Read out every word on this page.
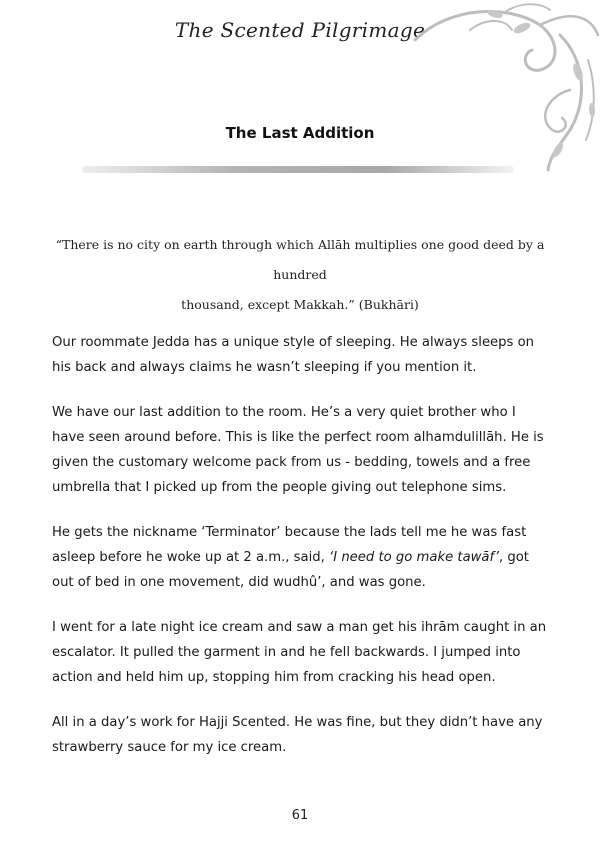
The Scented Pilgrimage
The Last Addition
“There is no city on earth through which Allāh multiplies one good deed by a hundred
thousand, except Makkah.” (Bukhāri)

Our roommate Jedda has a unique style of sleeping. He always sleeps on his back and always claims he wasn’t sleeping if you mention it.

We have our last addition to the room. He’s a very quiet brother who I have seen around before. This is like the perfect room alhamdulillāh. He is given the customary welcome pack from us - bedding, towels and a free umbrella that I picked up from the people giving out telephone sims.

He gets the nickname ‘Terminator’ because the lads tell me he was fast asleep before he woke up at 2 a.m., said, ‘I need to go make tawāf’, got out of bed in one movement, did wudhû’, and was gone.

I went for a late night ice cream and saw a man get his ihrām caught in an escalator. It pulled the garment in and he fell backwards. I jumped into action and held him up, stopping him from cracking his head open.

All in a day’s work for Hajji Scented. He was fine, but they didn’t have any strawberry sauce for my ice cream.

61
